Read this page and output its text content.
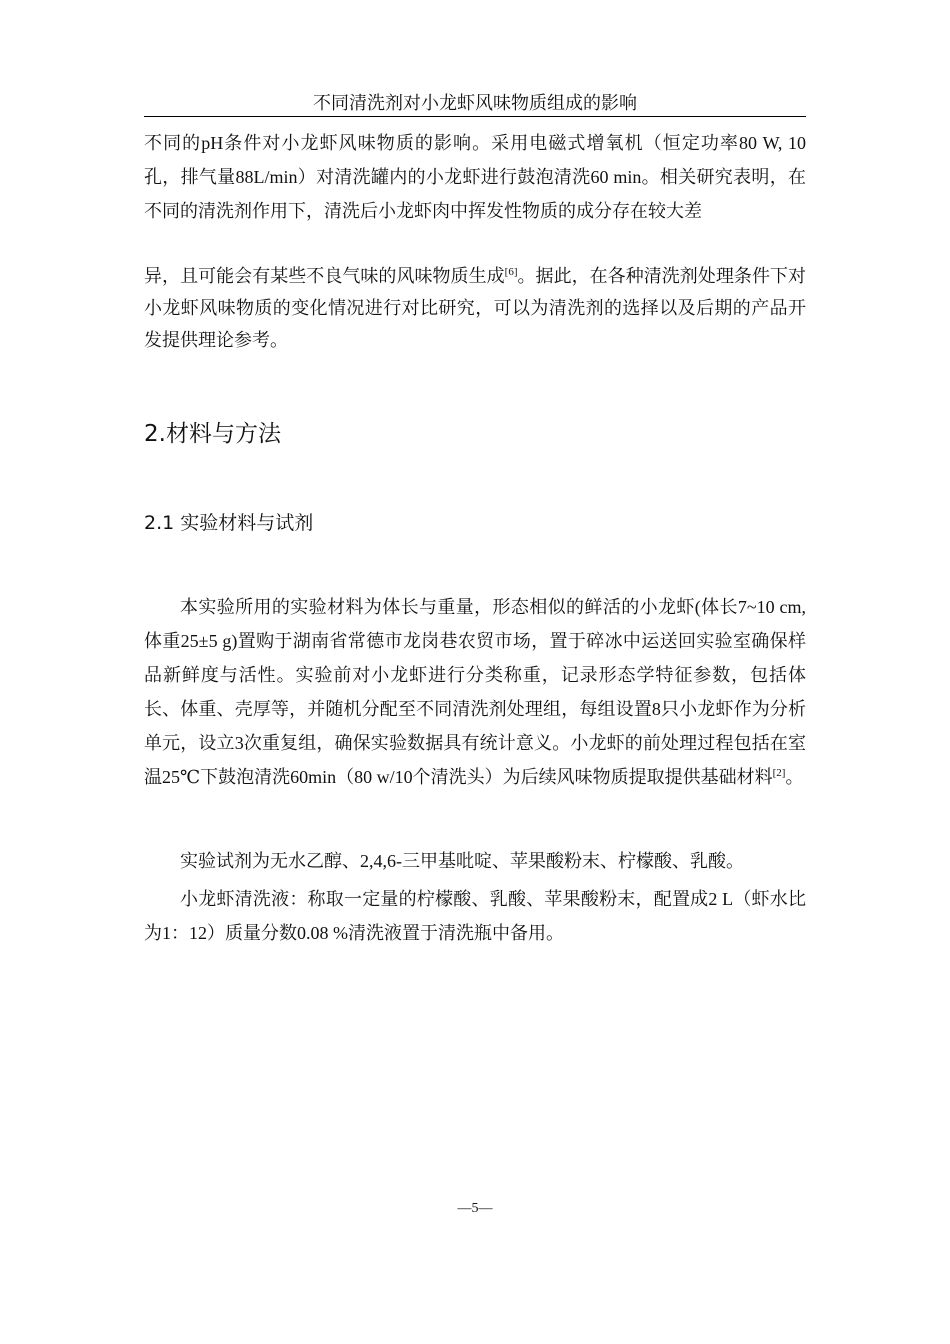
不同清洗剂对小龙虾风味物质组成的影响

不同的pH条件对小龙虾风味物质的影响。采用电磁式增氧机（恒定功率80 W, 10孔，排气量88L/min）对清洗罐内的小龙虾进行鼓泡清洗60 min。相关研究表明，在不同的清洗剂作用下，清洗后小龙虾肉中挥发性物质的成分存在较大差

异，且可能会有某些不良气味的风味物质生成[6]。据此，在各种清洗剂处理条件下对小龙虾风味物质的变化情况进行对比研究，可以为清洗剂的选择以及后期的产品开发提供理论参考。

2.材料与方法
2.1 实验材料与试剂

本实验所用的实验材料为体长与重量，形态相似的鲜活的小龙虾(体长7~10 cm, 体重25±5 g)置购于湖南省常德市龙岗巷农贸市场，置于碎冰中运送回实验室确保样品新鲜度与活性。实验前对小龙虾进行分类称重，记录形态学特征参数，包括体长、体重、壳厚等，并随机分配至不同清洗剂处理组，每组设置8只小龙虾作为分析单元，设立3次重复组，确保实验数据具有统计意义。小龙虾的前处理过程包括在室温25℃下鼓泡清洗60min（80 w/10个清洗头）为后续风味物质提取提供基础材料[2]。

实验试剂为无水乙醇、2,4,6-三甲基吡啶、苹果酸粉末、柠檬酸、乳酸。

小龙虾清洗液：称取一定量的柠檬酸、乳酸、苹果酸粉末，配置成2 L（虾水比为1：12）质量分数0.08 %清洗液置于清洗瓶中备用。

—5—
